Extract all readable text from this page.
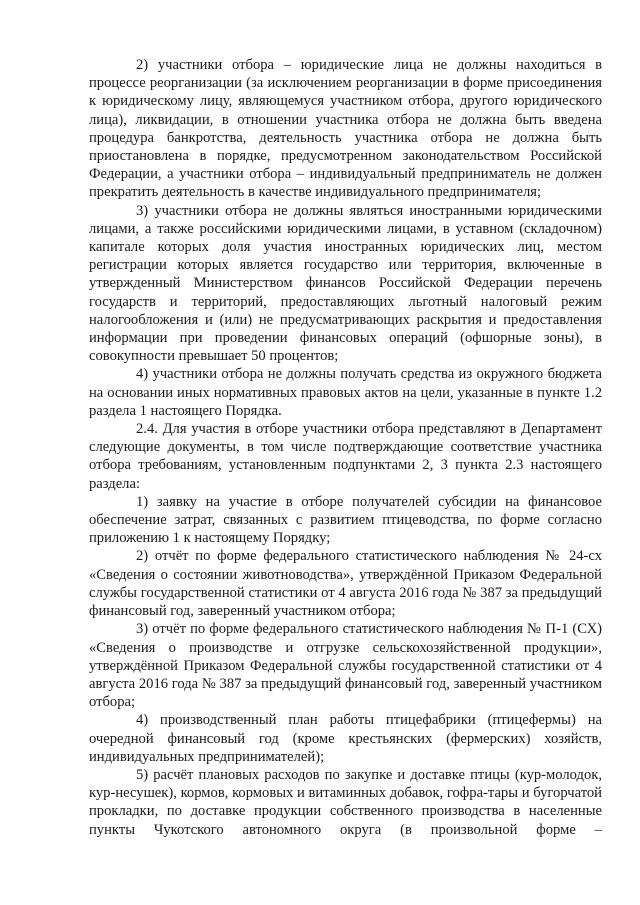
2) участники отбора – юридические лица не должны находиться в процессе реорганизации (за исключением реорганизации в форме присоединения к юридическому лицу, являющемуся участником отбора, другого юридического лица), ликвидации, в отношении участника отбора не должна быть введена процедура банкротства, деятельность участника отбора не должна быть приостановлена в порядке, предусмотренном законодательством Российской Федерации, а участники отбора – индивидуальный предприниматель не должен прекратить деятельность в качестве индивидуального предпринимателя;

3) участники отбора не должны являться иностранными юридическими лицами, а также российскими юридическими лицами, в уставном (складочном) капитале которых доля участия иностранных юридических лиц, местом регистрации которых является государство или территория, включенные в утвержденный Министерством финансов Российской Федерации перечень государств и территорий, предоставляющих льготный налоговый режим налогообложения и (или) не предусматривающих раскрытия и предоставления информации при проведении финансовых операций (офшорные зоны), в совокупности превышает 50 процентов;

4) участники отбора не должны получать средства из окружного бюджета на основании иных нормативных правовых актов на цели, указанные в пункте 1.2 раздела 1 настоящего Порядка.

2.4. Для участия в отборе участники отбора представляют в Департамент следующие документы, в том числе подтверждающие соответствие участника отбора требованиям, установленным подпунктами 2, 3 пункта 2.3 настоящего раздела:

1) заявку на участие в отборе получателей субсидии на финансовое обеспечение затрат, связанных с развитием птицеводства, по форме согласно приложению 1 к настоящему Порядку;

2) отчёт по форме федерального статистического наблюдения № 24-сх «Сведения о состоянии животноводства», утверждённой Приказом Федеральной службы государственной статистики от 4 августа 2016 года № 387 за предыдущий финансовый год, заверенный участником отбора;

3) отчёт по форме федерального статистического наблюдения № П-1 (СХ) «Сведения о производстве и отгрузке сельскохозяйственной продукции», утверждённой Приказом Федеральной службы государственной статистики от 4 августа 2016 года № 387 за предыдущий финансовый год, заверенный участником отбора;

4) производственный план работы птицефабрики (птицефермы) на очередной финансовый год (кроме крестьянских (фермерских) хозяйств, индивидуальных предпринимателей);

5) расчёт плановых расходов по закупке и доставке птицы (кур-молодок, кур-несушек), кормов, кормовых и витаминных добавок, гофра-тары и бугорчатой прокладки, по доставке продукции собственного производства в населенные пункты Чукотского автономного округа (в произвольной форме –
